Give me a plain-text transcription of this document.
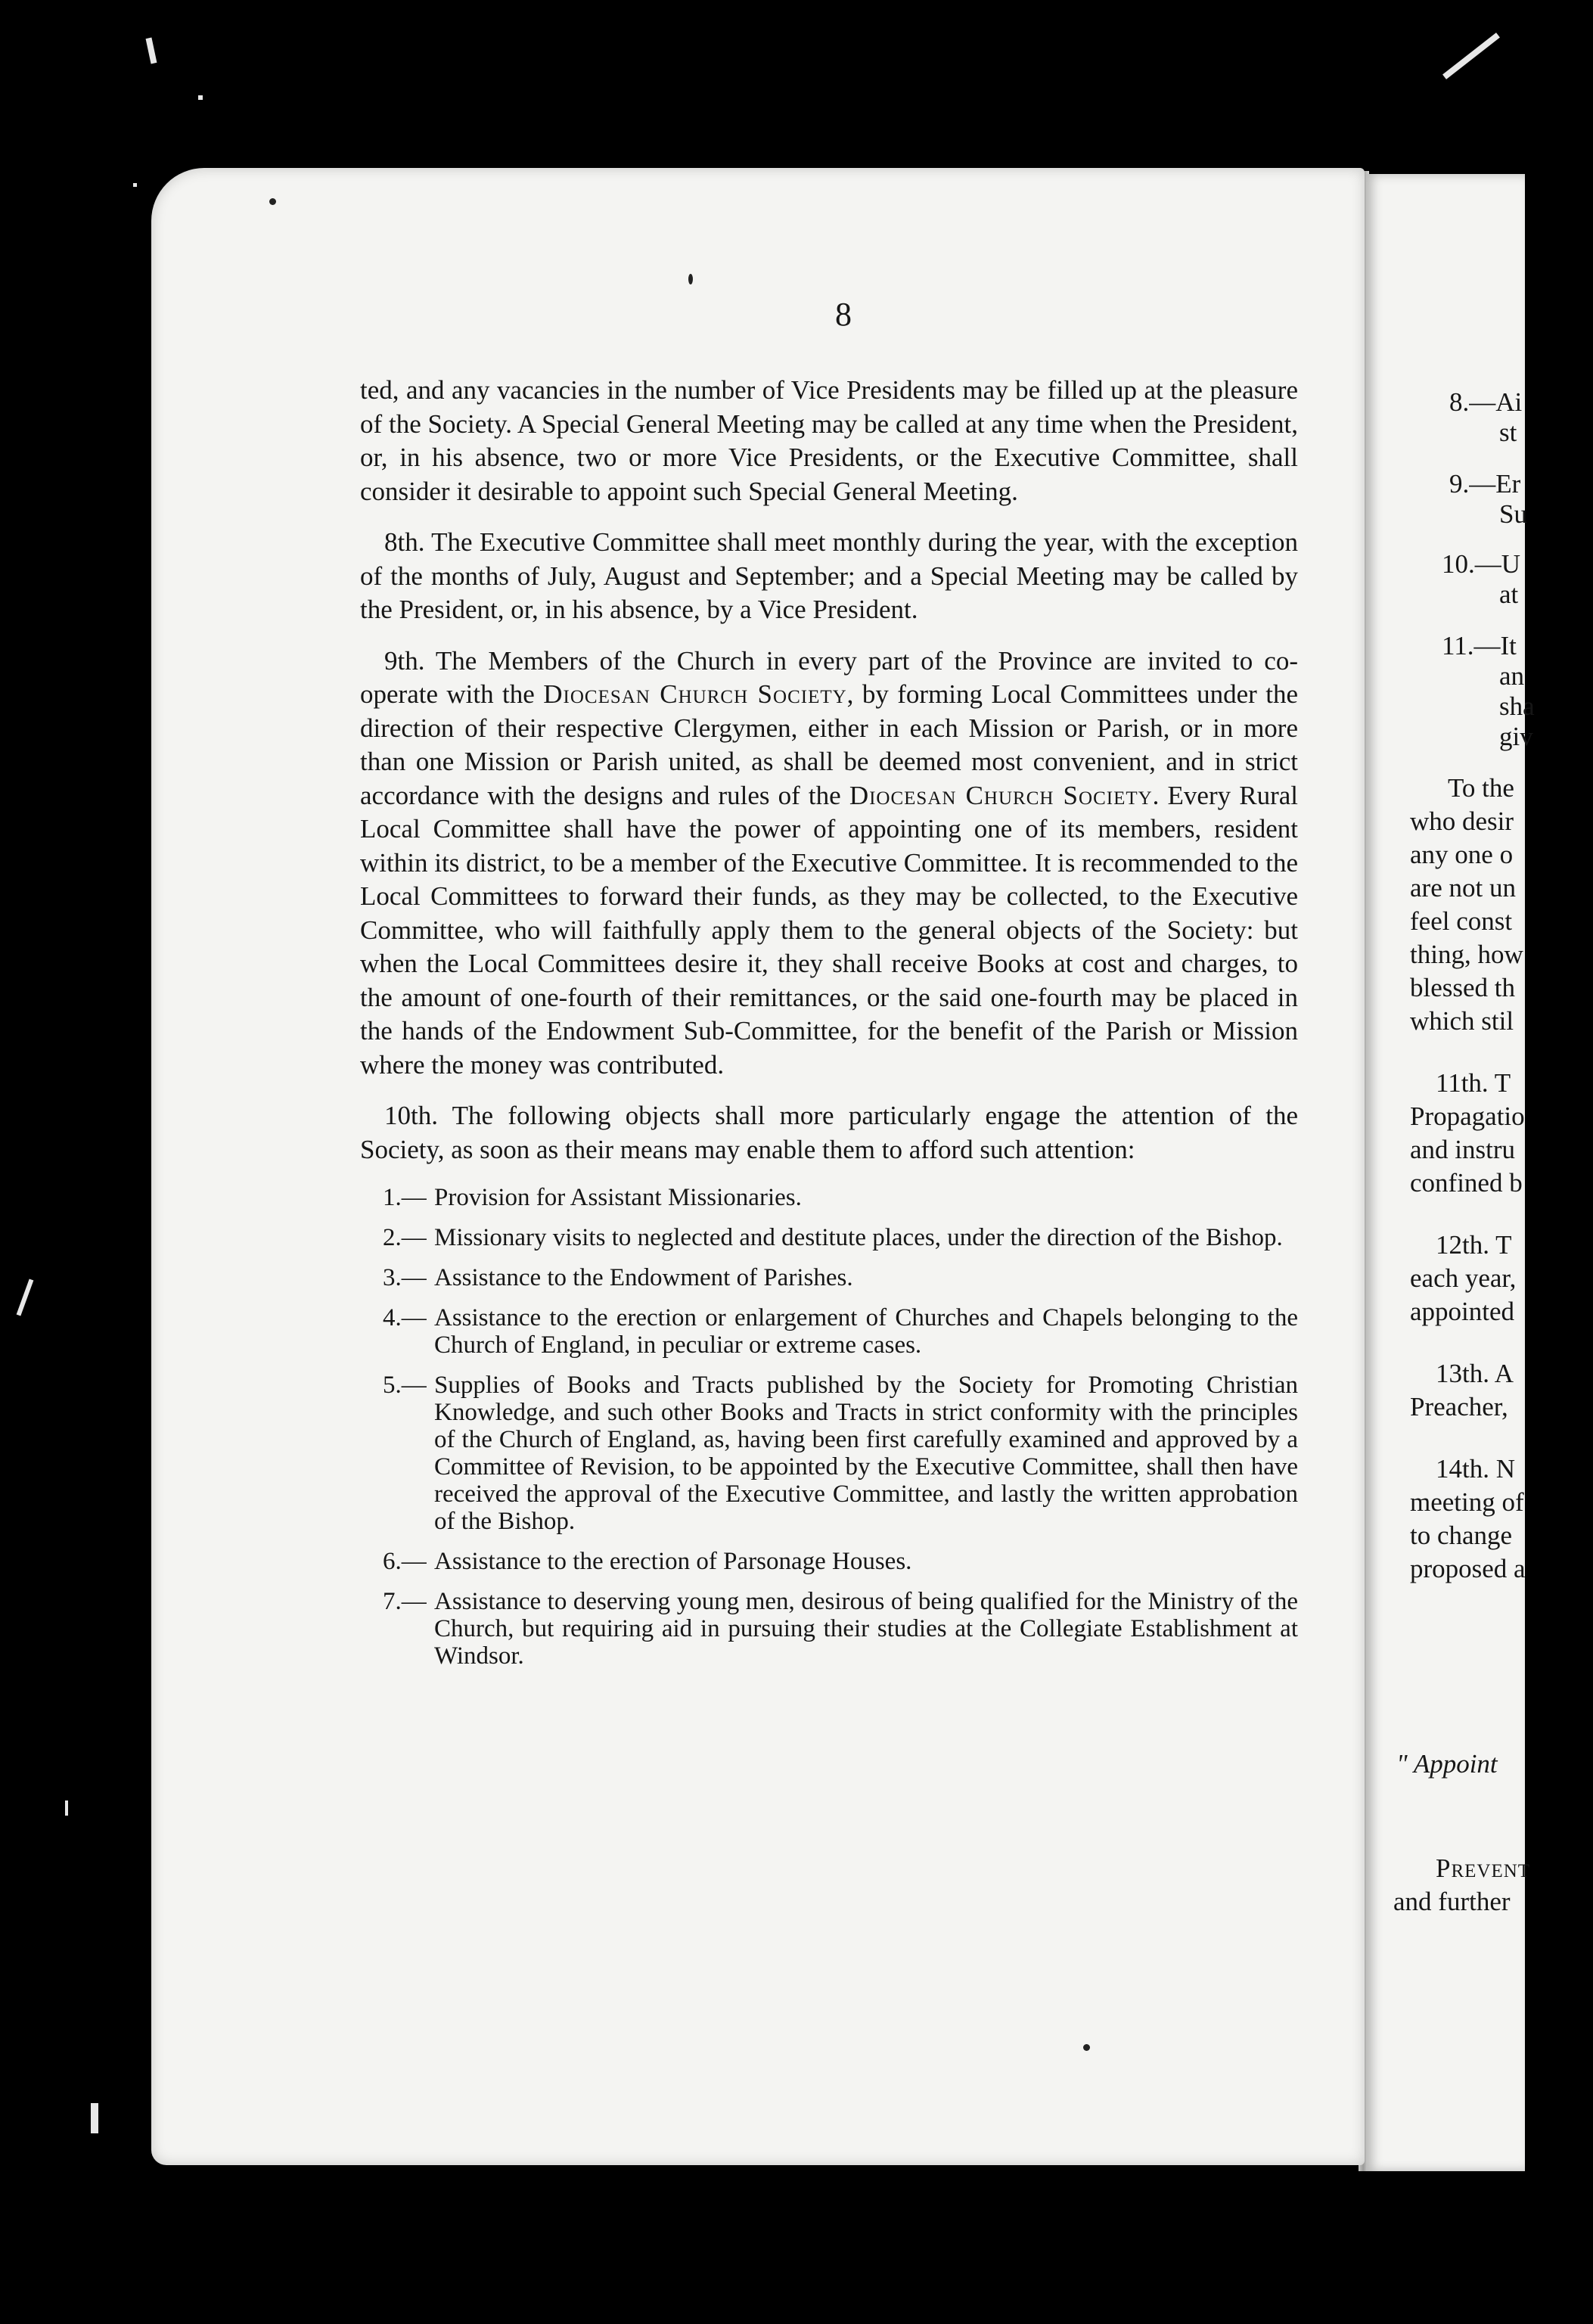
8

ted, and any vacancies in the number of Vice Presidents may be filled up at the pleasure of the Society. A Special General Meeting may be called at any time when the President, or, in his absence, two or more Vice Presidents, or the Executive Committee, shall consider it desirable to appoint such Special General Meeting.

8th. The Executive Committee shall meet monthly during the year, with the exception of the months of July, August and September; and a Special Meeting may be called by the President, or, in his absence, by a Vice President.

9th. The Members of the Church in every part of the Province are invited to co-operate with the Diocesan Church Society, by forming Local Committees under the direction of their respective Clergymen, either in each Mission or Parish, or in more than one Mission or Parish united, as shall be deemed most convenient, and in strict accordance with the designs and rules of the Diocesan Church Society. Every Rural Local Committee shall have the power of appointing one of its members, resident within its district, to be a member of the Executive Committee. It is recommended to the Local Committees to forward their funds, as they may be collected, to the Executive Committee, who will faithfully apply them to the general objects of the Society: but when the Local Committees desire it, they shall receive Books at cost and charges, to the amount of one-fourth of their remittances, or the said one-fourth may be placed in the hands of the Endowment Sub-Committee, for the benefit of the Parish or Mission where the money was contributed.

10th. The following objects shall more particularly engage the attention of the Society, as soon as their means may enable them to afford such attention:

1.— Provision for Assistant Missionaries.
2.— Missionary visits to neglected and destitute places, under the direction of the Bishop.
3.— Assistance to the Endowment of Parishes.
4.— Assistance to the erection or enlargement of Churches and Chapels belonging to the Church of England, in peculiar or extreme cases.
5.— Supplies of Books and Tracts published by the Society for Promoting Christian Knowledge, and such other Books and Tracts in strict conformity with the principles of the Church of England, as, having been first carefully examined and approved by a Committee of Revision, to be appointed by the Executive Committee, shall then have received the approval of the Executive Committee, and lastly the written approbation of the Bishop.
6.— Assistance to the erection of Parsonage Houses.
7.— Assistance to deserving young men, desirous of being qualified for the Ministry of the Church, but requiring aid in pursuing their studies at the Collegiate Establishment at Windsor.
8.—Ai
st
9.—Er
Su
10.—U
at
11.—It
an
sha
giv
To the
who desir
any one o
are not un
feel const
thing, how
blessed th
which stil
11th. T
Propagatio
and instru
confined b
12th. T
each year,
appointed
13th. A
Preacher,
14th. N
meeting of
to change
proposed a
" Appoint
Prevent
and further
